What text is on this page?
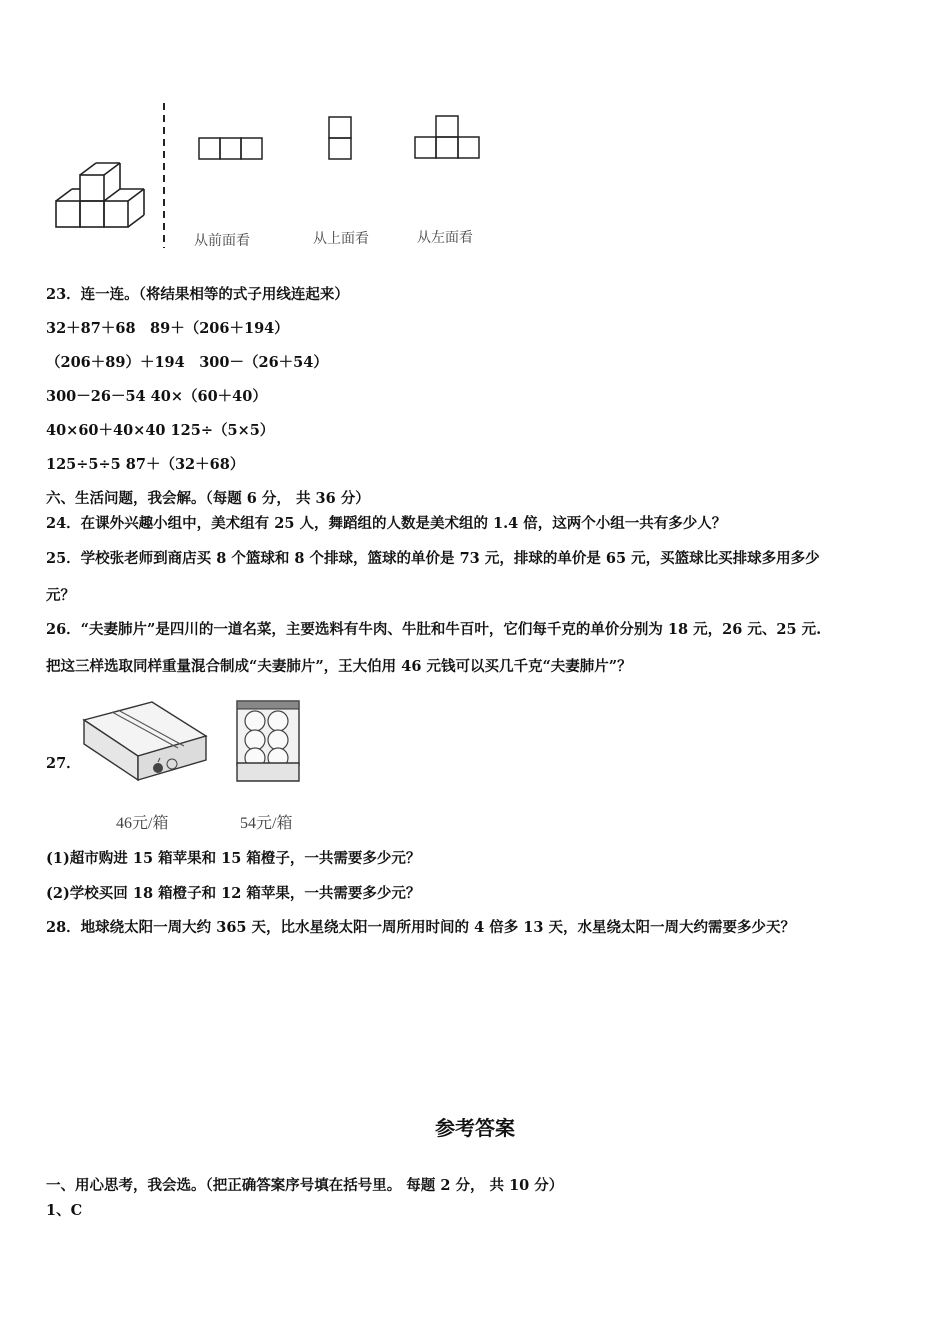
从前面看	从上面看	从左面看
23．连一连。（将结果相等的式子用线连起来）
32＋87＋68　89＋（206＋194）
（206＋89）＋194　300－（26＋54）
300－26－54 40×（60＋40）
40×60＋40×40 125÷（5×5）
125÷5÷5 87＋（32＋68）
六、生活问题，我会解。（每题 6 分， 共 36 分）
24．在课外兴趣小组中，美术组有 25 人，舞蹈组的人数是美术组的 1.4 倍，这两个小组一共有多少人？
25．学校张老师到商店买 8 个篮球和 8 个排球，篮球的单价是 73 元，排球的单价是 65 元，买篮球比买排球多用多少
元？
26．“夫妻肺片”是四川的一道名菜，主要选料有牛肉、牛肚和牛百叶，它们每千克的单价分别为 18 元，26 元、25 元.
把这三样选取同样重量混合制成“夫妻肺片”，王大伯用 46 元钱可以买几千克“夫妻肺片”？
27．
46元/箱	54元/箱
(1)超市购进 15 箱苹果和 15 箱橙子，一共需要多少元？
(2)学校买回 18 箱橙子和 12 箱苹果，一共需要多少元？
28．地球绕太阳一周大约 365 天，比水星绕太阳一周所用时间的 4 倍多 13 天，水星绕太阳一周大约需要多少天？
参考答案
一、用心思考，我会选。（把正确答案序号填在括号里。 每题 2 分， 共 10 分）
1、C
